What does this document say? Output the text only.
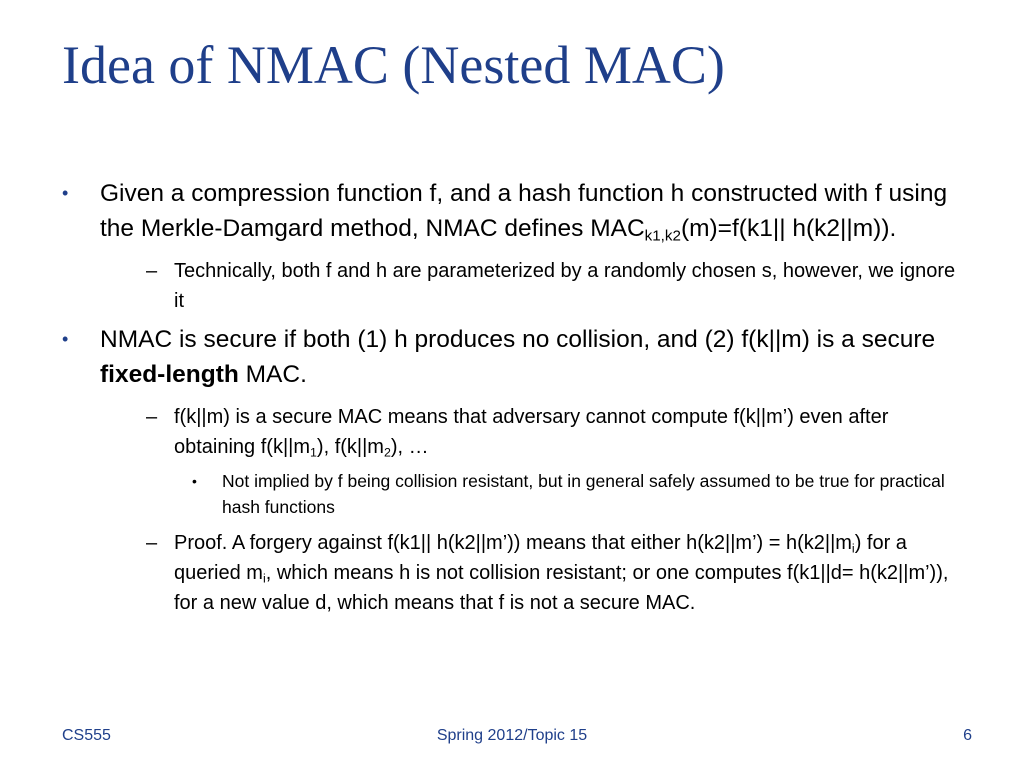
Idea of NMAC (Nested MAC)
• Given a compression function f, and a hash function h constructed with f using the Merkle-Damgard method, NMAC defines $MAC_{k1,k2}(m)=f(k1||$ h(k2||m)).
– Technically, both f and h are parameterized by a randomly chosen s, however, we ignore it
• NMAC is secure if both (1) h produces no collision, and (2) f(k||m) is a secure fixed-length MAC.
– f(k||m) is a secure MAC means that adversary cannot compute f(k||m’) even after obtaining $f(k||m_1)$, $f(k||m_2)$, …
• Not implied by f being collision resistant, but in general safely assumed to be true for practical hash functions
– Proof. A forgery against f(k1|| h(k2||m’)) means that either h(k2||m’) = $h(k2||m_i)$ for a queried $m_i$, which means h is not collision resistant; or one computes f(k1||d= h(k2||m’)), for a new value d, which means that f is not a secure MAC.
CS555	Spring 2012/Topic 15	6
